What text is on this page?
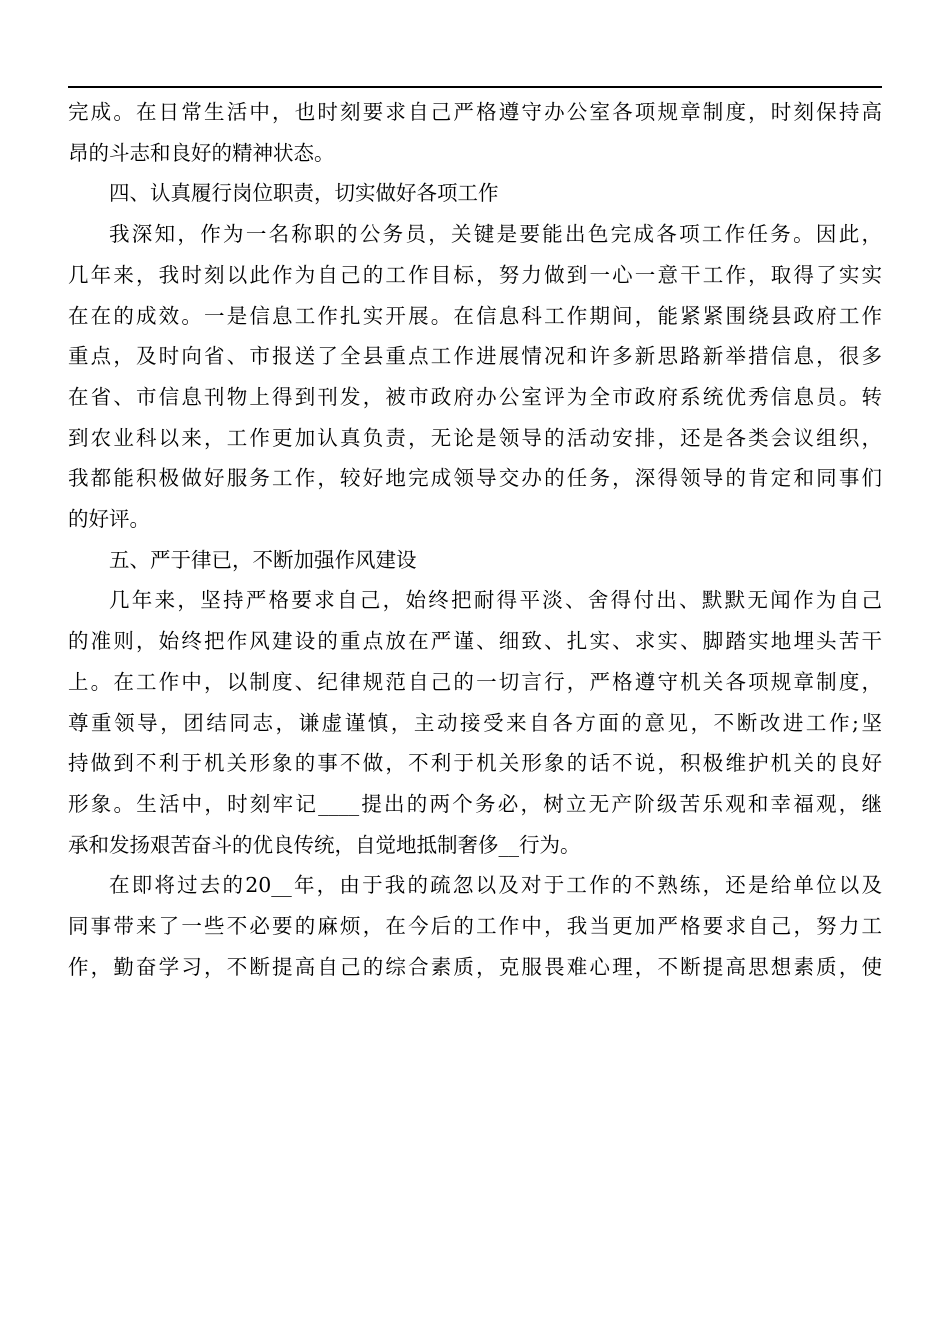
完成。在日常生活中，也时刻要求自己严格遵守办公室各项规章制度，时刻保持高
昂的斗志和良好的精神状态。

四、认真履行岗位职责，切实做好各项工作

我深知，作为一名称职的公务员，关键是要能出色完成各项工作任务。因此，
几年来，我时刻以此作为自己的工作目标，努力做到一心一意干工作，取得了实实
在在的成效。一是信息工作扎实开展。在信息科工作期间，能紧紧围绕县政府工作
重点，及时向省、市报送了全县重点工作进展情况和许多新思路新举措信息，很多
在省、市信息刊物上得到刊发，被市政府办公室评为全市政府系统优秀信息员。转
到农业科以来，工作更加认真负责，无论是领导的活动安排，还是各类会议组织，
我都能积极做好服务工作，较好地完成领导交办的任务，深得领导的肯定和同事们
的好评。

五、严于律已，不断加强作风建设

几年来，坚持严格要求自己，始终把耐得平淡、舍得付出、默默无闻作为自己
的准则，始终把作风建设的重点放在严谨、细致、扎实、求实、脚踏实地埋头苦干
上。在工作中，以制度、纪律规范自己的一切言行，严格遵守机关各项规章制度，
尊重领导，团结同志，谦虚谨慎，主动接受来自各方面的意见，不断改进工作;坚
持做到不利于机关形象的事不做，不利于机关形象的话不说，积极维护机关的良好
形象。生活中，时刻牢记____提出的两个务必，树立无产阶级苦乐观和幸福观，继
承和发扬艰苦奋斗的优良传统，自觉地抵制奢侈__行为。

在即将过去的20__年，由于我的疏忽以及对于工作的不熟练，还是给单位以及
同事带来了一些不必要的麻烦，在今后的工作中，我当更加严格要求自己，努力工
作，勤奋学习，不断提高自己的综合素质，克服畏难心理，不断提高思想素质，使
